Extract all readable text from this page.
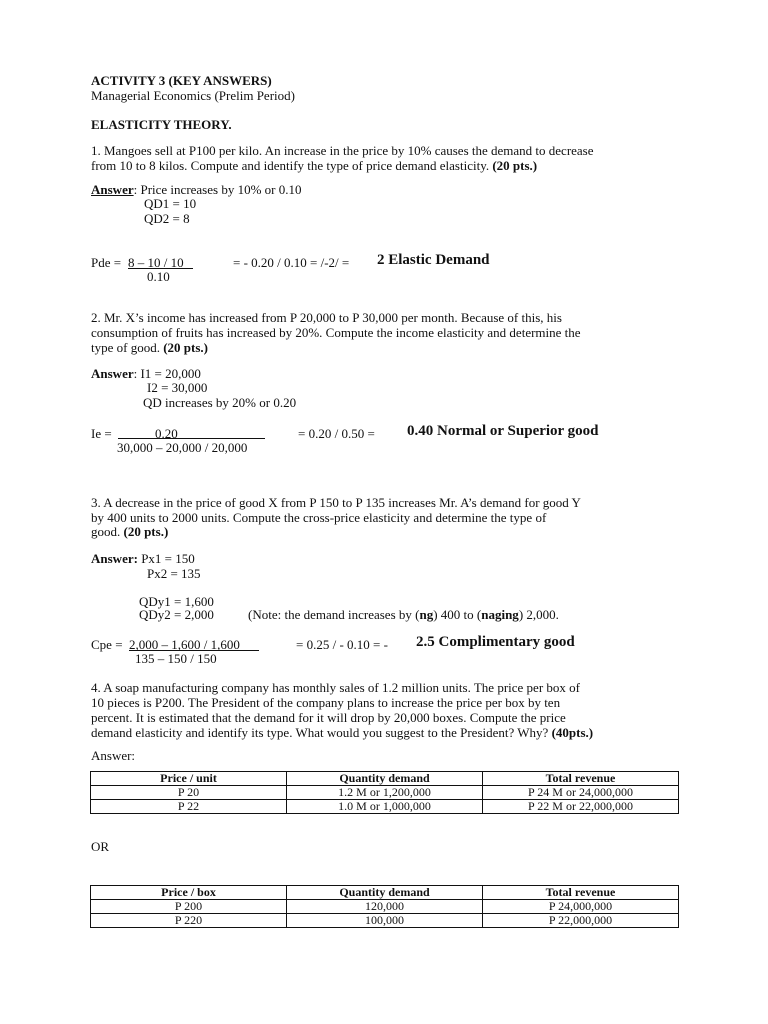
ACTIVITY 3 (KEY ANSWERS)
Managerial Economics (Prelim Period)
ELASTICITY THEORY.
1. Mangoes sell at P100 per kilo. An increase in the price by 10% causes the demand to decrease
from 10 to 8 kilos. Compute and identify the type of price demand elasticity. (20 pts.)
Answer: Price increases by 10% or 0.10
QD1 = 10
QD2 = 8
Pde = 8 – 10 / 10
0.10
= - 0.20 / 0.10 = /-2/ = 2 Elastic Demand
2. Mr. X’s income has increased from P 20,000 to P 30,000 per month. Because of this, his
consumption of fruits has increased by 20%. Compute the income elasticity and determine the
type of good. (20 pts.)
Answer: I1 = 20,000
I2 = 30,000
QD increases by 20% or 0.20
Ie =	0.20
30,000 – 20,000 / 20,000
= 0.20 / 0.50 = 0.40 Normal or Superior good
3. A decrease in the price of good X from P 150 to P 135 increases Mr. A’s demand for good Y
by 400 units to 2000 units. Compute the cross-price elasticity and determine the type of
good. (20 pts.)
Answer: Px1 = 150
Px2 = 135
QDy1 = 1,600
QDy2 = 2,000	(Note: the demand increases by (ng) 400 to (naging) 2,000.
Cpe = 2,000 – 1,600 / 1,600
135 – 150 / 150
= 0.25 / - 0.10 = - 2.5 Complimentary good
4. A soap manufacturing company has monthly sales of 1.2 million units. The price per box of
10 pieces is P200. The President of the company plans to increase the price per box by ten
percent. It is estimated that the demand for it will drop by 20,000 boxes. Compute the price
demand elasticity and identify its type. What would you suggest to the President? Why? (40pts.)
Answer:
Price / unit	Quantity demand	Total revenue
P 20	1.2 M or 1,200,000	P 24 M or 24,000,000
P 22	1.0 M or 1,000,000	P 22 M or 22,000,000
OR
Price / box	Quantity demand	Total revenue
P 200	120,000	P 24,000,000
P 220	100,000	P 22,000,000
